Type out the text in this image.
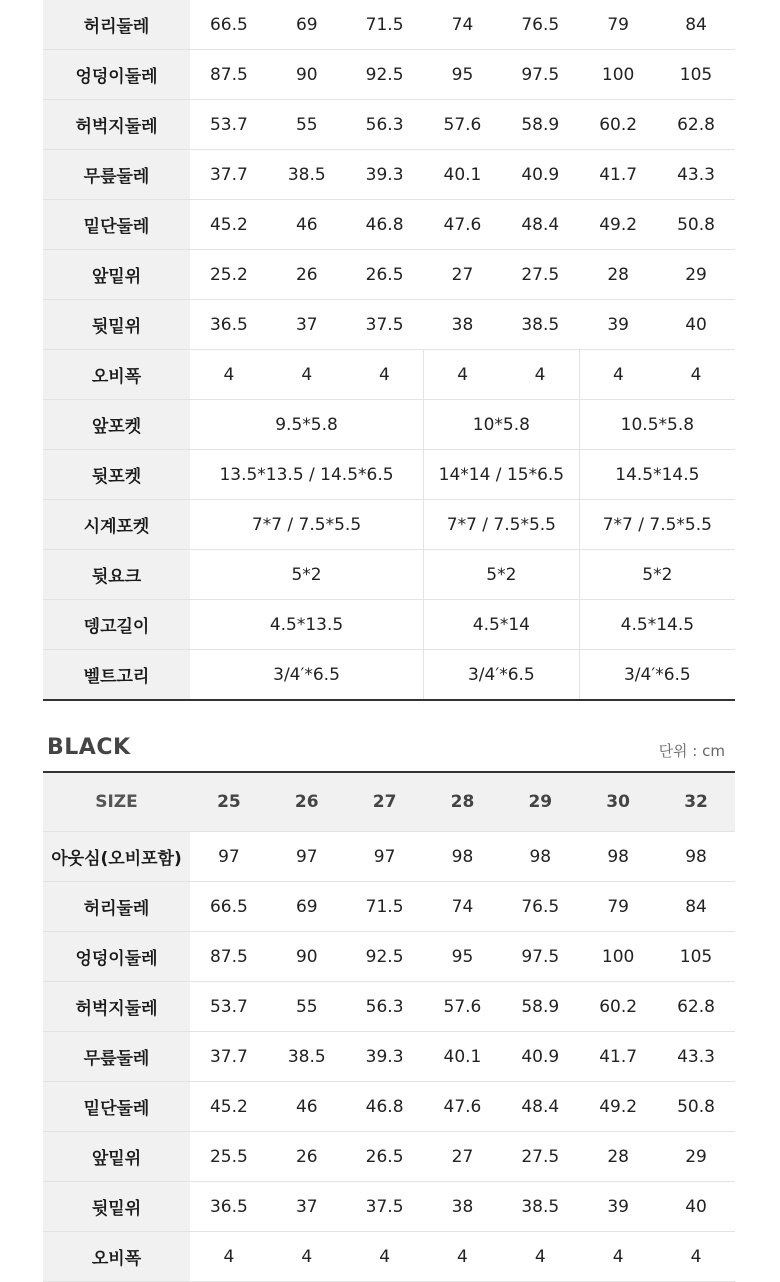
허리둘레	66.5	69	71.5	74	76.5	79	84
엉덩이둘레	87.5	90	92.5	95	97.5	100	105
허벅지둘레	53.7	55	56.3	57.6	58.9	60.2	62.8
무릎둘레	37.7	38.5	39.3	40.1	40.9	41.7	43.3
밑단둘레	45.2	46	46.8	47.6	48.4	49.2	50.8
앞밑위	25.2	26	26.5	27	27.5	28	29
뒷밑위	36.5	37	37.5	38	38.5	39	40
오비폭	4	4	4	4	4	4	4
앞포켓	9.5*5.8			10*5.8		10.5*5.8	
뒷포켓	13.5*13.5 / 14.5*6.5			14*14 / 15*6.5		14.5*14.5	
시계포켓	7*7 / 7.5*5.5			7*7 / 7.5*5.5		7*7 / 7.5*5.5	
뒷요크	5*2			5*2		5*2	
뎅고길이	4.5*13.5			4.5*14		4.5*14.5	
벨트고리	3/4′*6.5			3/4′*6.5		3/4′*6.5	
BLACK	단위 : cm
SIZE	25	26	27	28	29	30	32
아웃심(오비포함)	97	97	97	98	98	98	98
허리둘레	66.5	69	71.5	74	76.5	79	84
엉덩이둘레	87.5	90	92.5	95	97.5	100	105
허벅지둘레	53.7	55	56.3	57.6	58.9	60.2	62.8
무릎둘레	37.7	38.5	39.3	40.1	40.9	41.7	43.3
밑단둘레	45.2	46	46.8	47.6	48.4	49.2	50.8
앞밑위	25.5	26	26.5	27	27.5	28	29
뒷밑위	36.5	37	37.5	38	38.5	39	40
오비폭	4	4	4	4	4	4	4
